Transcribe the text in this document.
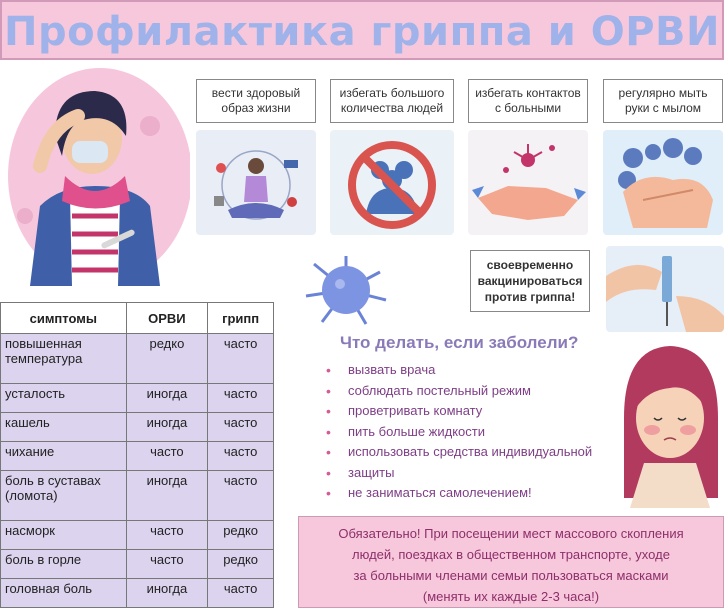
Профилактика гриппа и ОРВИ
вести здоровый образ жизни
избегать большого количества людей
избегать контактов с больными
регулярно мыть руки с мылом
своевременно вакцинироваться против гриппа!
симптомы	ОРВИ	грипп
повышенная температура	редко	часто
усталость	иногда	часто
кашель	иногда	часто
чихание	часто	часто
боль в суставах (ломота)	иногда	часто
насморк	часто	редко
боль в горле	часто	редко
головная боль	иногда	часто
Что делать, если заболели?
• вызвать врача
• соблюдать постельный режим
• проветривать комнату
• пить больше жидкости
• использовать средства индивидуальной
• защиты
• не заниматься самолечением!
Обязательно! При посещении мест массового скопления
людей, поездках в общественном транспорте, уходе
за больными членами семьи пользоваться масками
(менять их каждые 2-3 часа!)
